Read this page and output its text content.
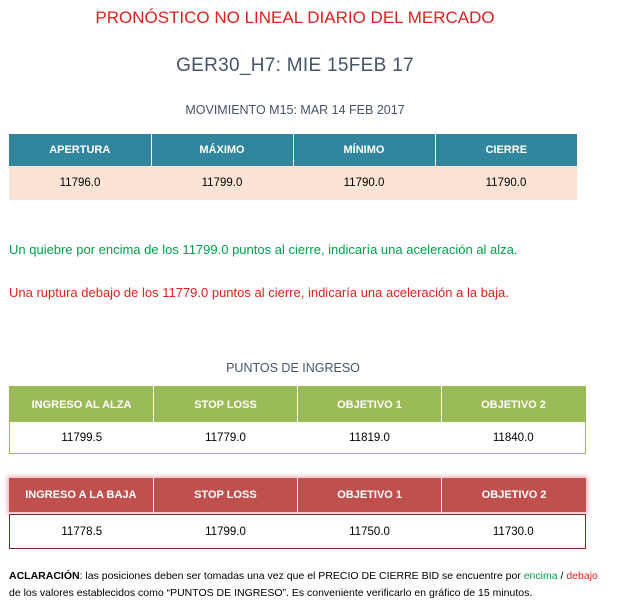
PRONÓSTICO NO LINEAL DIARIO DEL MERCADO
GER30_H7: MIE 15FEB 17
MOVIMIENTO M15: MAR 14 FEB 2017
APERTURA	MÁXIMO	MÍNIMO	CIERRE
11796.0	11799.0	11790.0	11790.0
Un quiebre por encima de los 11799.0 puntos al cierre, indicaría una aceleración al alza.
Una ruptura debajo de los 11779.0 puntos al cierre, indicaría una aceleración a la baja.
PUNTOS DE INGRESO
INGRESO AL ALZA	STOP LOSS	OBJETIVO 1	OBJETIVO 2
11799.5	11779.0	11819.0	11840.0
INGRESO A LA BAJA	STOP LOSS	OBJETIVO 1	OBJETIVO 2
11778.5	11799.0	11750.0	11730.0
ACLARACIÓN: las posiciones deben ser tomadas una vez que el PRECIO DE CIERRE BID se encuentre por encima / debajo de los valores establecidos como “PUNTOS DE INGRESO”. Es conveniente verificarlo en gráfico de 15 minutos.
